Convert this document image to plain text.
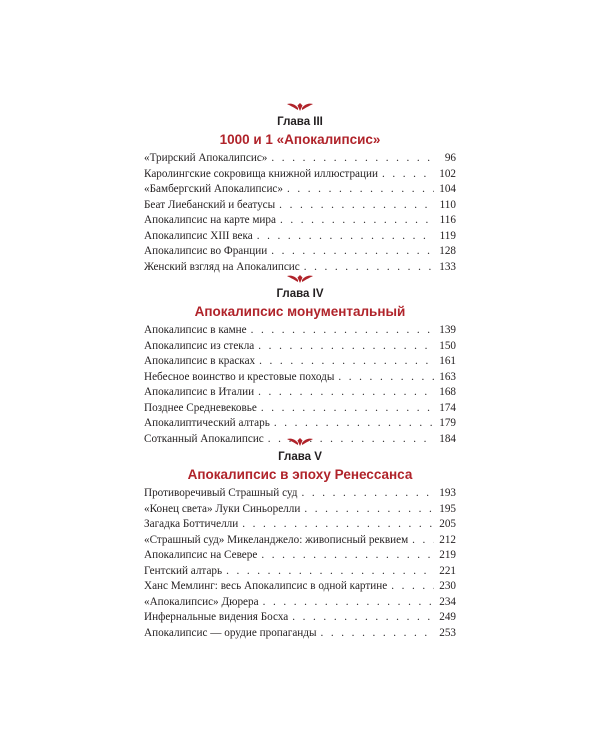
Глава III
1000 и 1 «Апокалипсис»
«Трирский Апокалипсис» . . .	96
Каролингские сокровища книжной иллюстрации . . .	102
«Бамбергский Апокалипсис» . . .	104
Беат Лиебанский и беатусы . . .	110
Апокалипсис на карте мира . . .	116
Апокалипсис XIII века . . .	119
Апокалипсис во Франции . . .	128
Женский взгляд на Апокалипсис . . .	133
Глава IV
Апокалипсис монументальный
Апокалипсис в камне . . .	139
Апокалипсис из стекла . . .	150
Апокалипсис в красках . . .	161
Небесное воинство и крестовые походы . . .	163
Апокалипсис в Италии . . .	168
Позднее Средневековье . . .	174
Апокалиптический алтарь . . .	179
Сотканный Апокалипсис . . .	184
Глава V
Апокалипсис в эпоху Ренессанса
Противоречивый Страшный суд . . .	193
«Конец света» Луки Синьорелли . . .	195
Загадка Боттичелли . . .	205
«Страшный суд» Микеланджело: живописный реквием . . .	212
Апокалипсис на Севере . . .	219
Гентский алтарь . . .	221
Ханс Мемлинг: весь Апокалипсис в одной картине . . .	230
«Апокалипсис» Дюрера . . .	234
Инфернальные видения Босха . . .	249
Апокалипсис — орудие пропаганды . . .	253
